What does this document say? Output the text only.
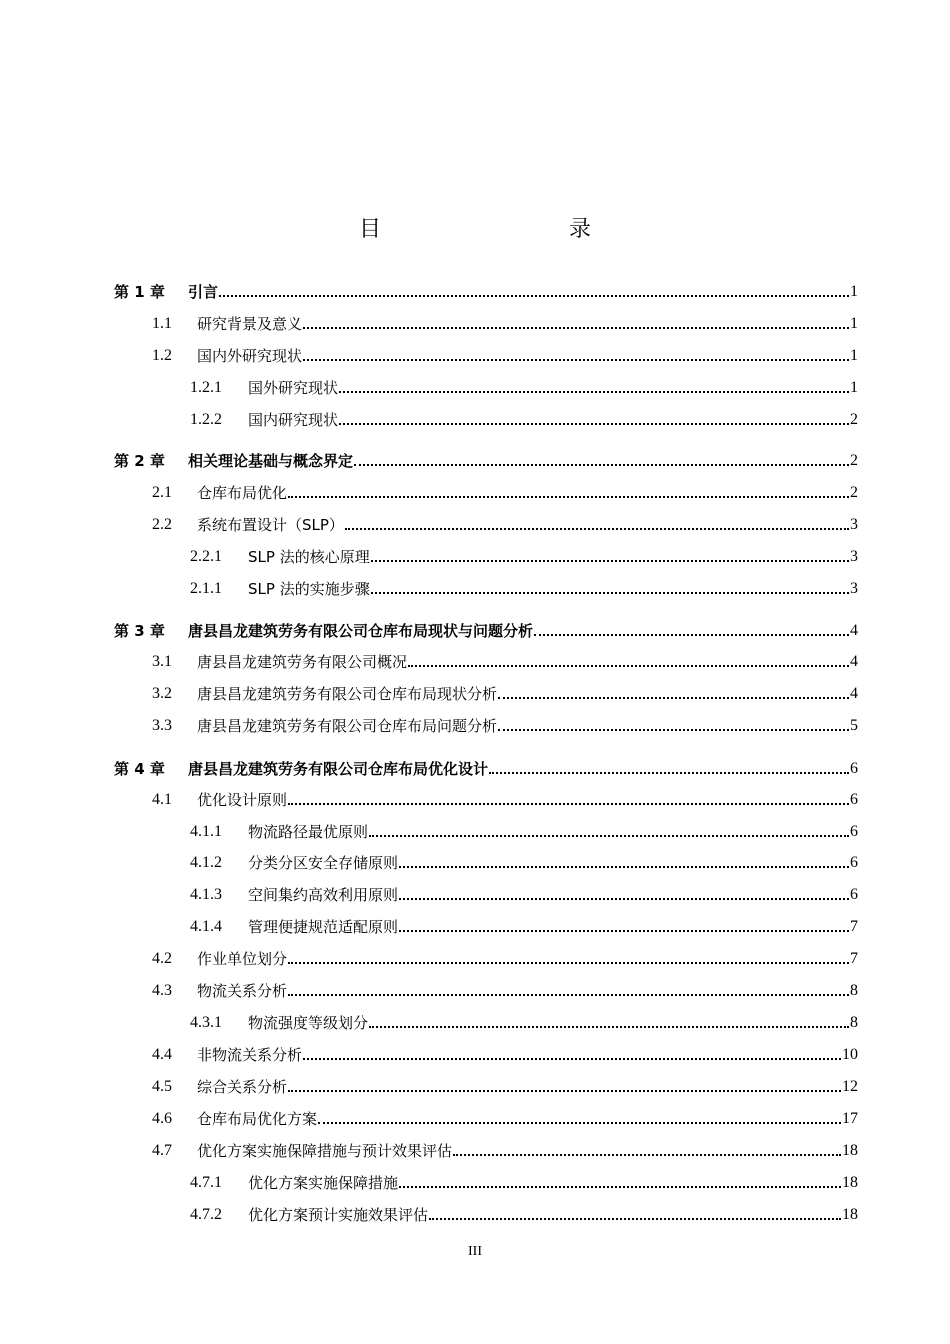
目　　录
第 1 章	引言	1
1.1	研究背景及意义	1
1.2	国内外研究现状	1
1.2.1	国外研究现状	1
1.2.2	国内研究现状	2
第 2 章	相关理论基础与概念界定	2
2.1	仓库布局优化	2
2.2	系统布置设计（SLP）	3
2.2.1	SLP 法的核心原理	3
2.1.1	SLP 法的实施步骤	3
第 3 章	唐县昌龙建筑劳务有限公司仓库布局现状与问题分析	4
3.1	唐县昌龙建筑劳务有限公司概况	4
3.2	唐县昌龙建筑劳务有限公司仓库布局现状分析	4
3.3	唐县昌龙建筑劳务有限公司仓库布局问题分析	5
第 4 章	唐县昌龙建筑劳务有限公司仓库布局优化设计	6
4.1	优化设计原则	6
4.1.1	物流路径最优原则	6
4.1.2	分类分区安全存储原则	6
4.1.3	空间集约高效利用原则	6
4.1.4	管理便捷规范适配原则	7
4.2	作业单位划分	7
4.3	物流关系分析	8
4.3.1	物流强度等级划分	8
4.4	非物流关系分析	10
4.5	综合关系分析	12
4.6	仓库布局优化方案	17
4.7	优化方案实施保障措施与预计效果评估	18
4.7.1	优化方案实施保障措施	18
4.7.2	优化方案预计实施效果评估	18
III
